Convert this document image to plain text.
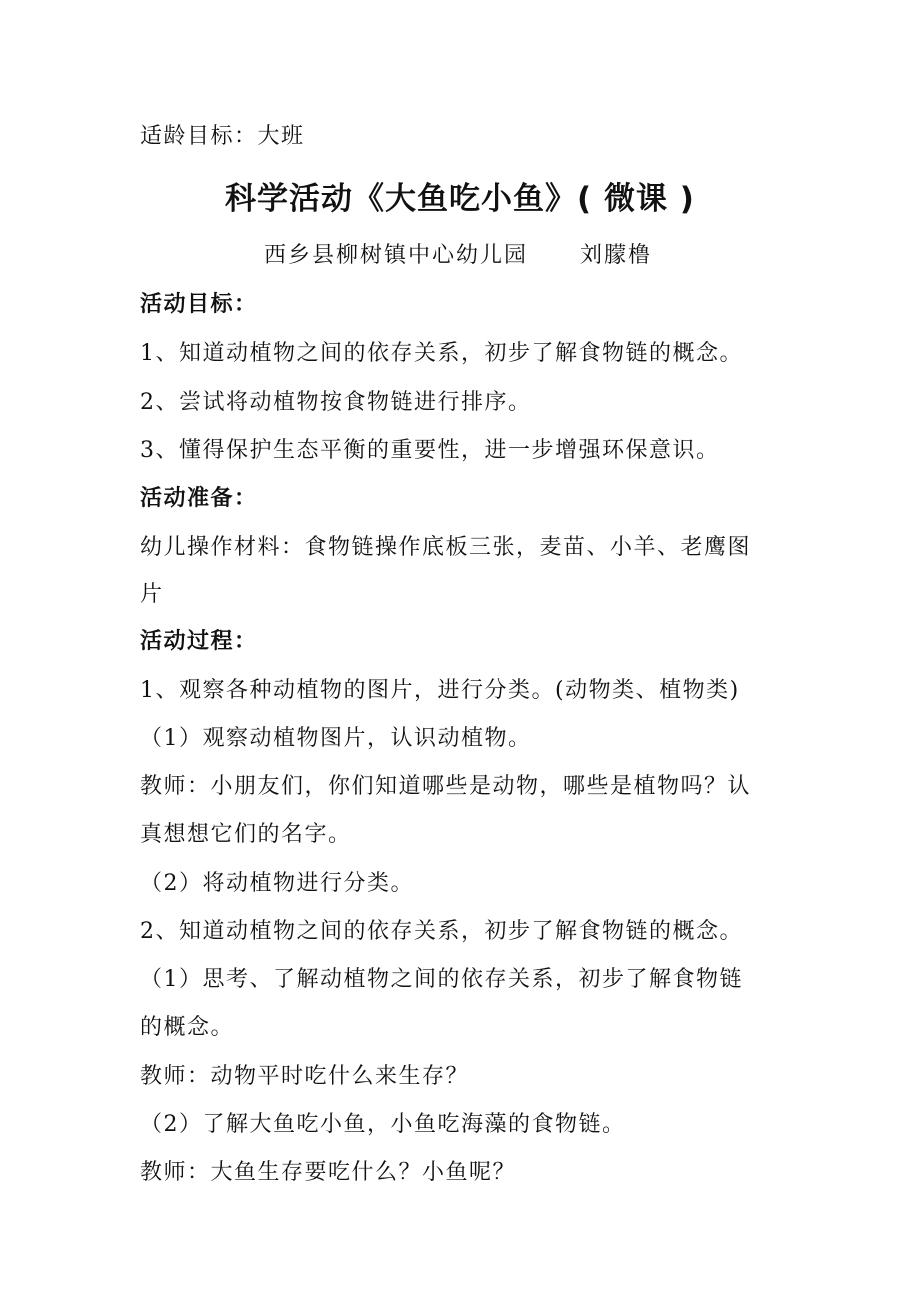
适龄目标：大班
科学活动《大鱼吃小鱼》( 微课 )
西乡县柳树镇中心幼儿园 刘朦橹
活动目标：
1、知道动植物之间的依存关系，初步了解食物链的概念。
2、尝试将动植物按食物链进行排序。
3、懂得保护生态平衡的重要性，进一步增强环保意识。
活动准备：
幼儿操作材料：食物链操作底板三张，麦苗、小羊、老鹰图
片
活动过程：
1、观察各种动植物的图片，进行分类。(动物类、植物类)
（1）观察动植物图片，认识动植物。
教师：小朋友们，你们知道哪些是动物，哪些是植物吗？认
真想想它们的名字。
（2）将动植物进行分类。
2、知道动植物之间的依存关系，初步了解食物链的概念。
（1）思考、了解动植物之间的依存关系，初步了解食物链
的概念。
教师：动物平时吃什么来生存？
（2）了解大鱼吃小鱼，小鱼吃海藻的食物链。
教师：大鱼生存要吃什么？小鱼呢？
